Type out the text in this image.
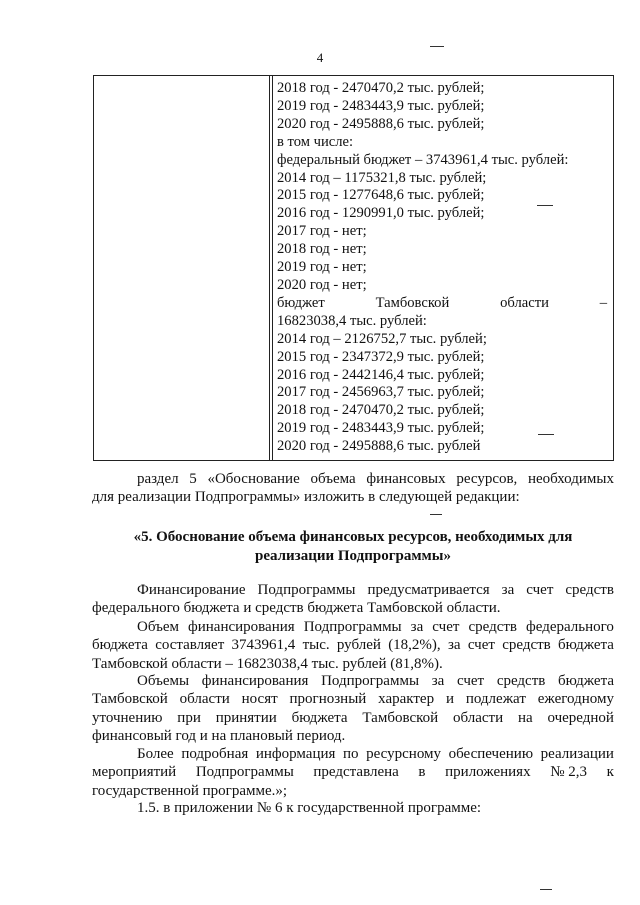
4
2018 год - 2470470,2 тыс. рублей;
2019 год - 2483443,9 тыс. рублей;
2020 год - 2495888,6 тыс. рублей;
в том числе:
федеральный бюджет – 3743961,4 тыс. рублей:
2014 год – 1175321,8 тыс. рублей;
2015 год - 1277648,6 тыс. рублей;
2016 год - 1290991,0 тыс. рублей;
2017 год - нет;
2018 год - нет;
2019 год - нет;
2020 год - нет;
бюджет	Тамбовской	области	–
16823038,4 тыс. рублей:
2014 год – 2126752,7 тыс. рублей;
2015 год - 2347372,9 тыс. рублей;
2016 год - 2442146,4 тыс. рублей;
2017 год - 2456963,7 тыс. рублей;
2018 год - 2470470,2 тыс. рублей;
2019 год - 2483443,9 тыс. рублей;
2020 год - 2495888,6 тыс. рублей
раздел 5 «Обоснование объема финансовых ресурсов, необходимых
для реализации Подпрограммы» изложить в следующей редакции:
«5. Обоснование объема финансовых ресурсов, необходимых для
реализации Подпрограммы»
Финансирование Подпрограммы предусматривается за счет средств
федерального бюджета и средств бюджета Тамбовской области.
Объем финансирования Подпрограммы за счет средств федерального
бюджета составляет 3743961,4 тыс. рублей (18,2%), за счет средств бюджета
Тамбовской области – 16823038,4 тыс. рублей (81,8%).
Объемы финансирования Подпрограммы за счет средств бюджета
Тамбовской области носят прогнозный характер и подлежат ежегодному
уточнению при принятии бюджета Тамбовской области на очередной
финансовый год и на плановый период.
Более подробная информация по ресурсному обеспечению реализации
мероприятий Подпрограммы представлена в приложениях № 2,3 к
государственной программе.»;
1.5. в приложении № 6 к государственной программе:
